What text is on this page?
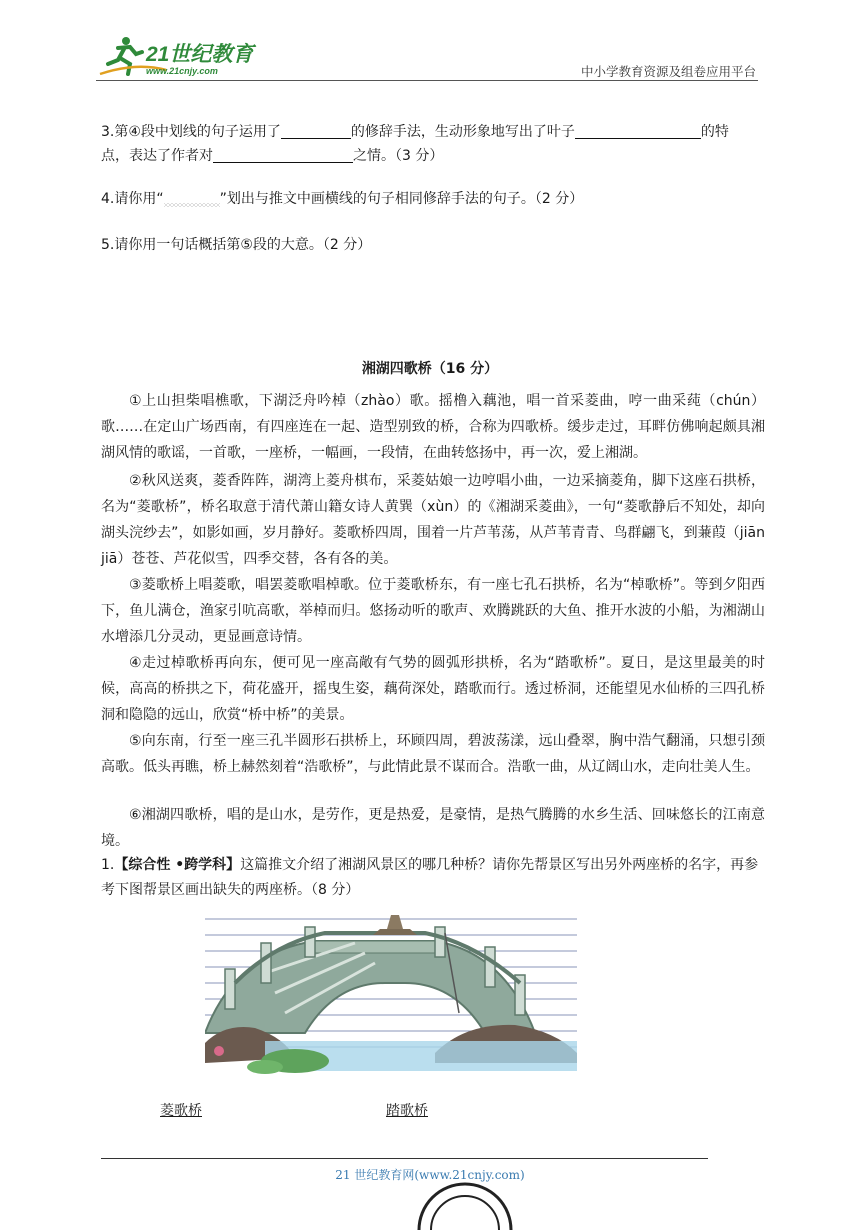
21世纪教育
www.21cnjy.com	中小学教育资源及组卷应用平台
3.第④段中划线的句子运用了	的修辞手法，生动形象地写出了叶子	的特
点，表达了作者对	之情。（3 分）
4.请你用“	”划出与推文中画横线的句子相同修辞手法的句子。（2 分）
5.请你用一句话概括第⑤段的大意。（2 分）
湘湖四歌桥（16 分）
①上山担柴唱樵歌，下湖泛舟吟棹（zhào）歌。摇橹入藕池，唱一首采菱曲，哼一曲采莼（chún）歌……在定山广场西南，有四座连在一起、造型别致的桥，合称为四歌桥。缓步走过，耳畔仿佛响起颇具湘湖风情的歌谣，一首歌，一座桥，一幅画，一段情，在曲转悠扬中，再一次，爱上湘湖。
②秋风送爽，菱香阵阵，湖湾上菱舟棋布，采菱姑娘一边哼唱小曲，一边采摘菱角，脚下这座石拱桥，名为“菱歌桥”，桥名取意于清代萧山籍女诗人黄巽（xùn）的《湘湖采菱曲》，一句“菱歌静后不知处，却向湖头浣纱去”，如影如画，岁月静好。菱歌桥四周，围着一片芦苇荡，从芦苇青青、鸟群翩飞，到蒹葭（jiān jiā）苍苍、芦花似雪，四季交替，各有各的美。
③菱歌桥上唱菱歌，唱罢菱歌唱棹歌。位于菱歌桥东，有一座七孔石拱桥，名为“棹歌桥”。等到夕阳西下，鱼儿满仓，渔家引吭高歌，举棹而归。悠扬动听的歌声、欢腾跳跃的大鱼、推开水波的小船，为湘湖山水增添几分灵动，更显画意诗情。
④走过棹歌桥再向东，便可见一座高敞有气势的圆弧形拱桥，名为“踏歌桥”。夏日，是这里最美的时候，高高的桥拱之下，荷花盛开，摇曳生姿，藕荷深处，踏歌而行。透过桥洞，还能望见水仙桥的三四孔桥洞和隐隐的远山，欣赏“桥中桥”的美景。
⑤向东南，行至一座三孔半圆形石拱桥上，环顾四周，碧波荡漾，远山叠翠，胸中浩气翻涌，只想引颈高歌。低头再瞧，桥上赫然刻着“浩歌桥”，与此情此景不谋而合。浩歌一曲，从辽阔山水，走向壮美人生。
⑥湘湖四歌桥，唱的是山水，是劳作，更是热爱，是豪情，是热气腾腾的水乡生活、回味悠长的江南意境。
1.【综合性 •跨学科】这篇推文介绍了湘湖风景区的哪几种桥？请你先帮景区写出另外两座桥的名字，再参考下图帮景区画出缺失的两座桥。（8 分）
菱歌桥	踏歌桥
21 世纪教育网(www.21cnjy.com)
